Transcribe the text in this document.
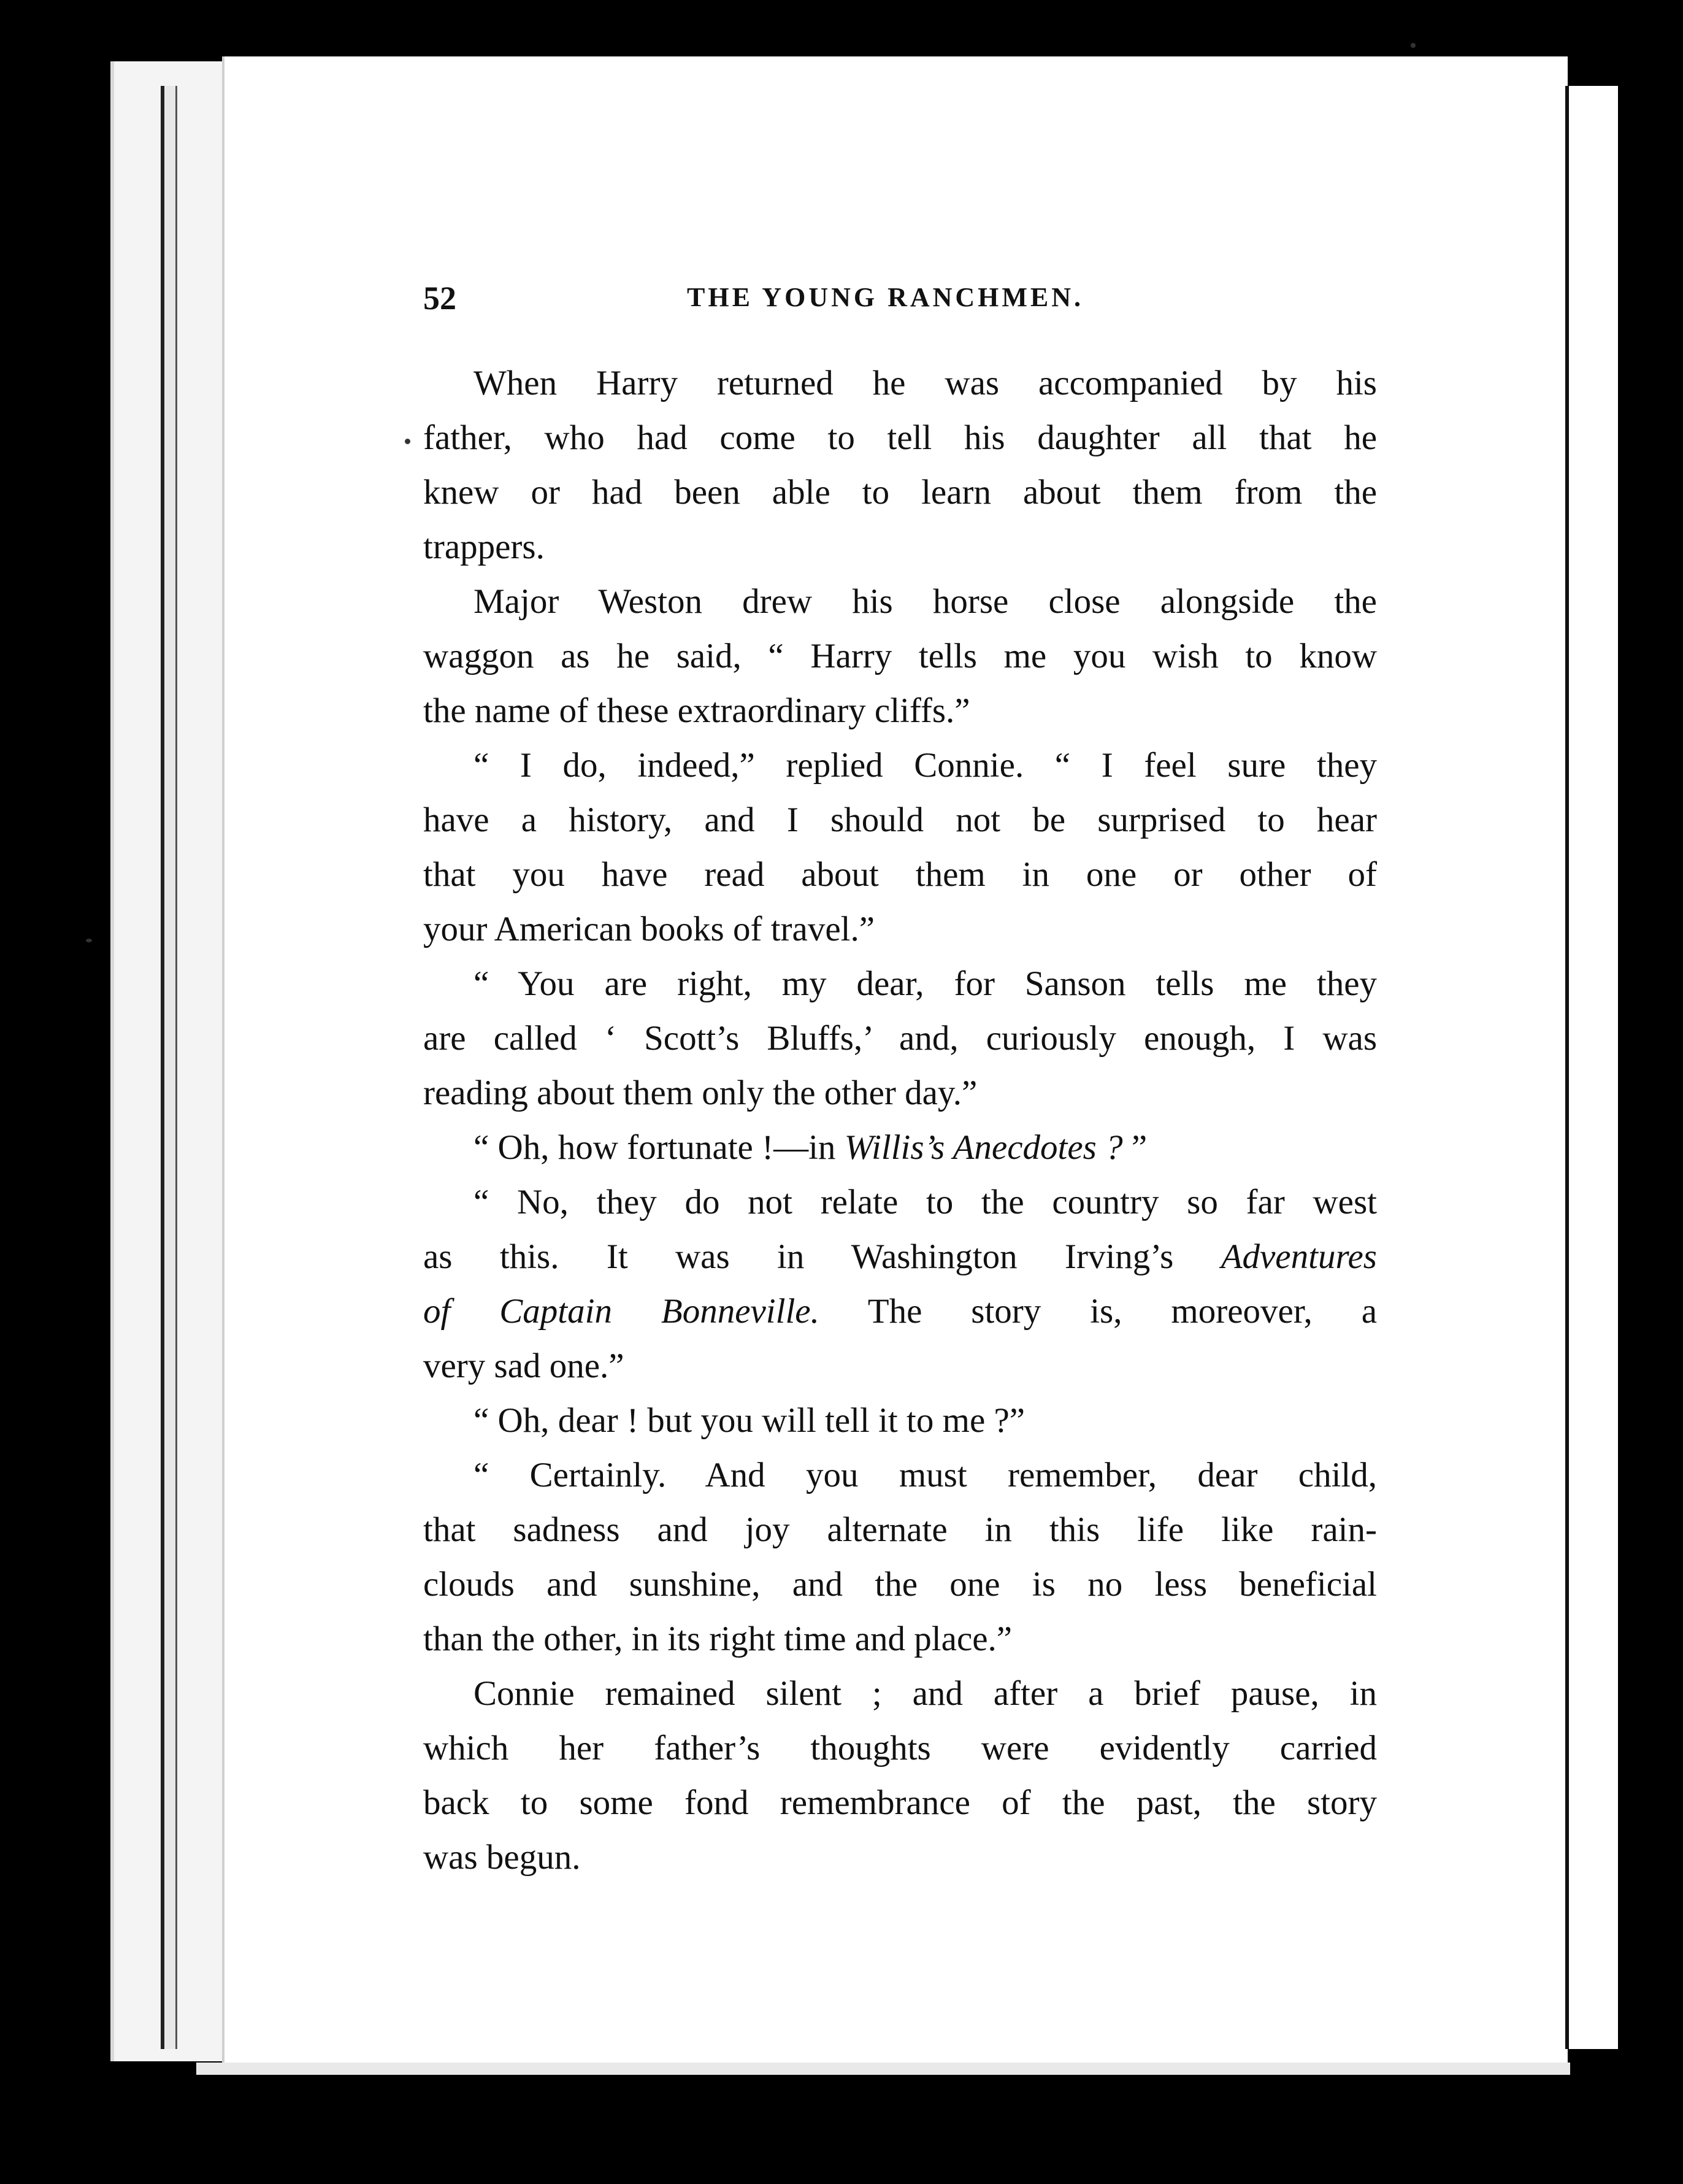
52	THE YOUNG RANCHMEN.

When Harry returned he was accompanied by his
father, who had come to tell his daughter all that he
knew or had been able to learn about them from the
trappers.

Major Weston drew his horse close alongside the
waggon as he said, “ Harry tells me you wish to know
the name of these extraordinary cliffs.”

“ I do, indeed,” replied Connie. “ I feel sure they
have a history, and I should not be surprised to hear
that you have read about them in one or other of
your American books of travel.”

“ You are right, my dear, for Sanson tells me they
are called ‘ Scott’s Bluffs,’ and, curiously enough, I was
reading about them only the other day.”

“ Oh, how fortunate !—in Willis’s Anecdotes ? ”

“ No, they do not relate to the country so far west
as this. It was in Washington Irving’s Adventures
of Captain Bonneville. The story is, moreover, a
very sad one.”

“ Oh, dear ! but you will tell it to me ?”

“ Certainly. And you must remember, dear child,
that sadness and joy alternate in this life like rain-
clouds and sunshine, and the one is no less beneficial
than the other, in its right time and place.”

Connie remained silent ; and after a brief pause, in
which her father’s thoughts were evidently carried
back to some fond remembrance of the past, the story
was begun.
